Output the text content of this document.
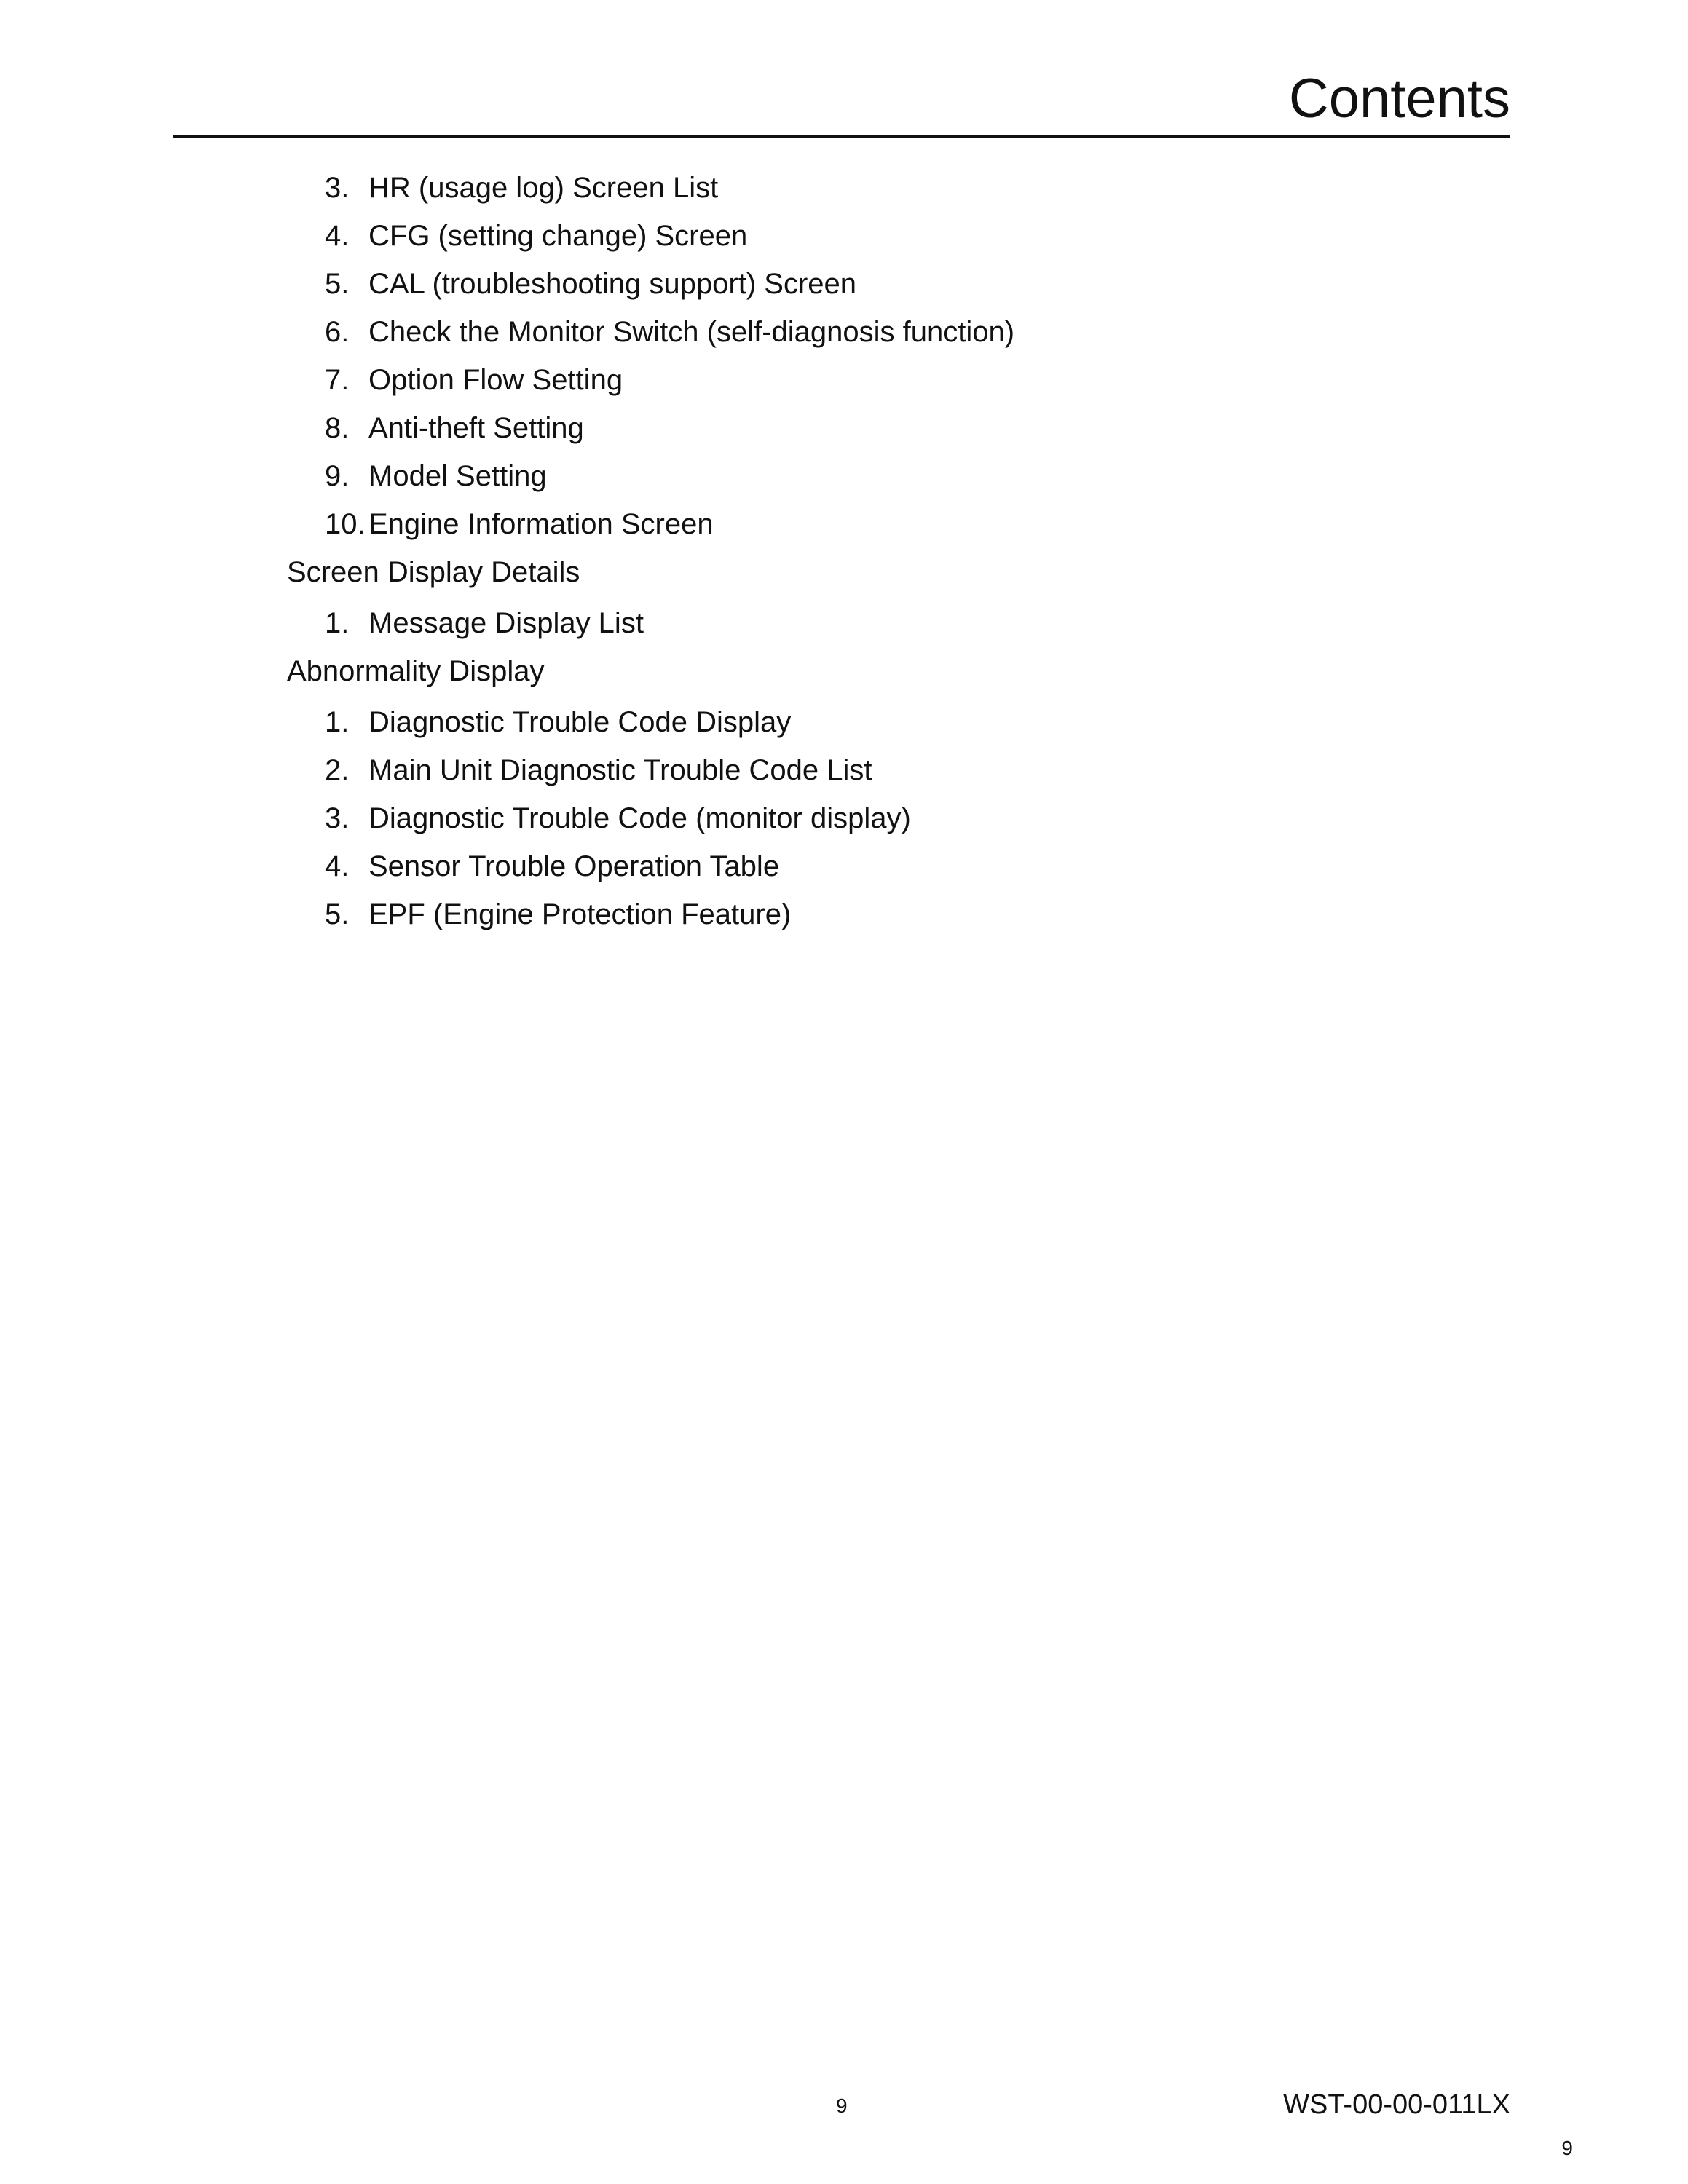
Contents
3. HR (usage log) Screen List
4. CFG (setting change) Screen
5. CAL (troubleshooting support) Screen
6. Check the Monitor Switch (self-diagnosis function)
7. Option Flow Setting
8. Anti-theft Setting
9. Model Setting
10. Engine Information Screen
Screen Display Details
1. Message Display List
Abnormality Display
1. Diagnostic Trouble Code Display
2. Main Unit Diagnostic Trouble Code List
3. Diagnostic Trouble Code (monitor display)
4. Sensor Trouble Operation Table
5. EPF (Engine Protection Feature)
9	WST-00-00-011LX
9
